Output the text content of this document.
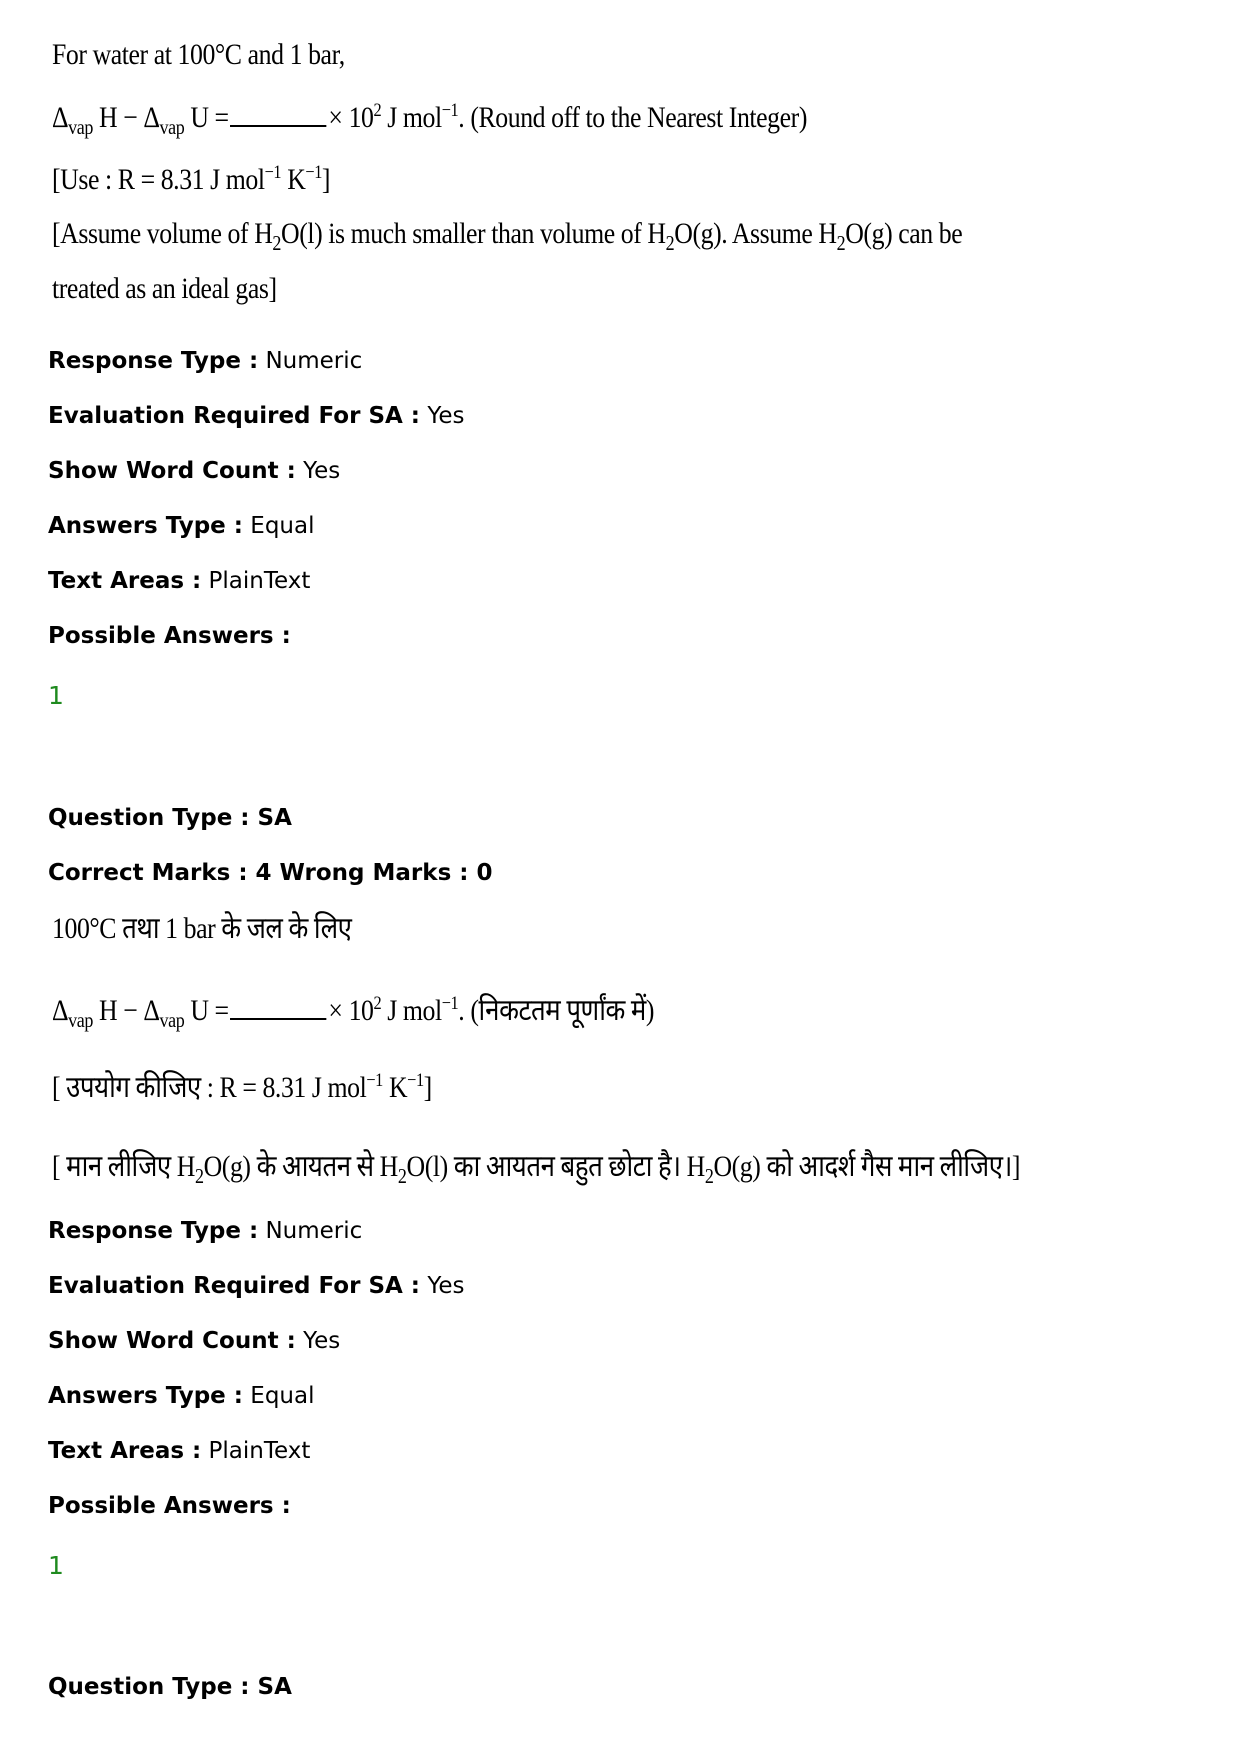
For water at 100°C and 1 bar,
$\Delta_{vap}$ $H - \Delta_{vap}$ U =	× $10^2$ J mol$^{-1}$. (Round off to the Nearest Integer)
[Use : R = 8.31 J mol$^{-1}$ $K^{-1}$]
[Assume volume of $H_2O(l)$ is much smaller than volume of $H_2O(g)$. Assume $H_2O(g)$ can be
treated as an ideal gas]
Response Type : Numeric
Evaluation Required For SA : Yes
Show Word Count : Yes
Answers Type : Equal
Text Areas : PlainText
Possible Answers :
1
Question Type : SA
Correct Marks : 4 Wrong Marks : 0
100°C तथा 1 bar के जल के लिए
$\Delta_{vap}$ $H - \Delta_{vap}$ U =	× $10^2$ J mol$^{-1}$. (निकटतम पूर्णांक में)
[ उपयोग कीजिए : R = 8.31 J mol$^{-1}$ $K^{-1}$]
[ मान लीजिए $H_2O(g)$ के आयतन से $H_2O(l)$ का आयतन बहुत छोटा है। $H_2O(g)$ को आदर्श गैस मान लीजिए।]
Response Type : Numeric
Evaluation Required For SA : Yes
Show Word Count : Yes
Answers Type : Equal
Text Areas : PlainText
Possible Answers :
1
Question Type : SA
